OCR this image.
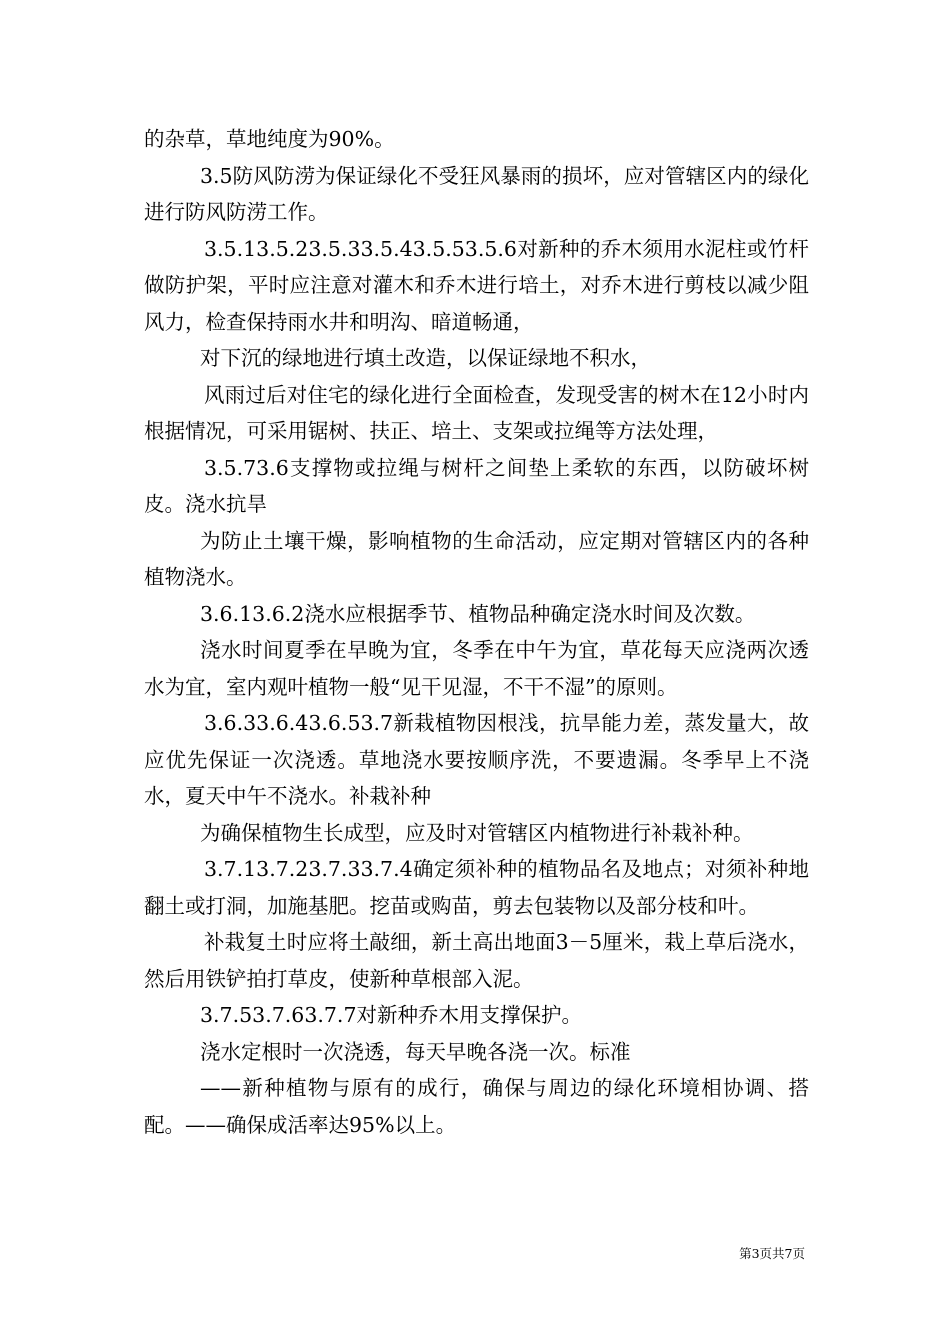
的杂草，草地纯度为90%。

3.5防风防涝为保证绿化不受狂风暴雨的损坏，应对管辖区内的绿化进行防风防涝工作。

3.5.13.5.23.5.33.5.43.5.53.5.6对新种的乔木须用水泥柱或竹杆做防护架，平时应注意对灌木和乔木进行培土，对乔木进行剪枝以减少阻风力，检查保持雨水井和明沟、暗道畅通，

对下沉的绿地进行填土改造，以保证绿地不积水，

风雨过后对住宅的绿化进行全面检查，发现受害的树木在12小时内根据情况，可采用锯树、扶正、培土、支架或拉绳等方法处理，

3.5.73.6支撑物或拉绳与树杆之间垫上柔软的东西，以防破坏树皮。浇水抗旱

为防止土壤干燥，影响植物的生命活动，应定期对管辖区内的各种植物浇水。

3.6.13.6.2浇水应根据季节、植物品种确定浇水时间及次数。

浇水时间夏季在早晚为宜，冬季在中午为宜，草花每天应浇两次透水为宜，室内观叶植物一般“见干见湿，不干不湿”的原则。

3.6.33.6.43.6.53.7新栽植物因根浅，抗旱能力差，蒸发量大，故应优先保证一次浇透。草地浇水要按顺序洗，不要遗漏。冬季早上不浇水，夏天中午不浇水。补栽补种

为确保植物生长成型，应及时对管辖区内植物进行补栽补种。

3.7.13.7.23.7.33.7.4确定须补种的植物品名及地点；对须补种地翻土或打洞，加施基肥。挖苗或购苗，剪去包装物以及部分枝和叶。

补栽复土时应将土敲细，新土高出地面3－5厘米，栽上草后浇水，然后用铁铲拍打草皮，使新种草根部入泥。

3.7.53.7.63.7.7对新种乔木用支撑保护。

浇水定根时一次浇透，每天早晚各浇一次。标准

——新种植物与原有的成行，确保与周边的绿化环境相协调、搭配。——确保成活率达95%以上。

第3页共7页
